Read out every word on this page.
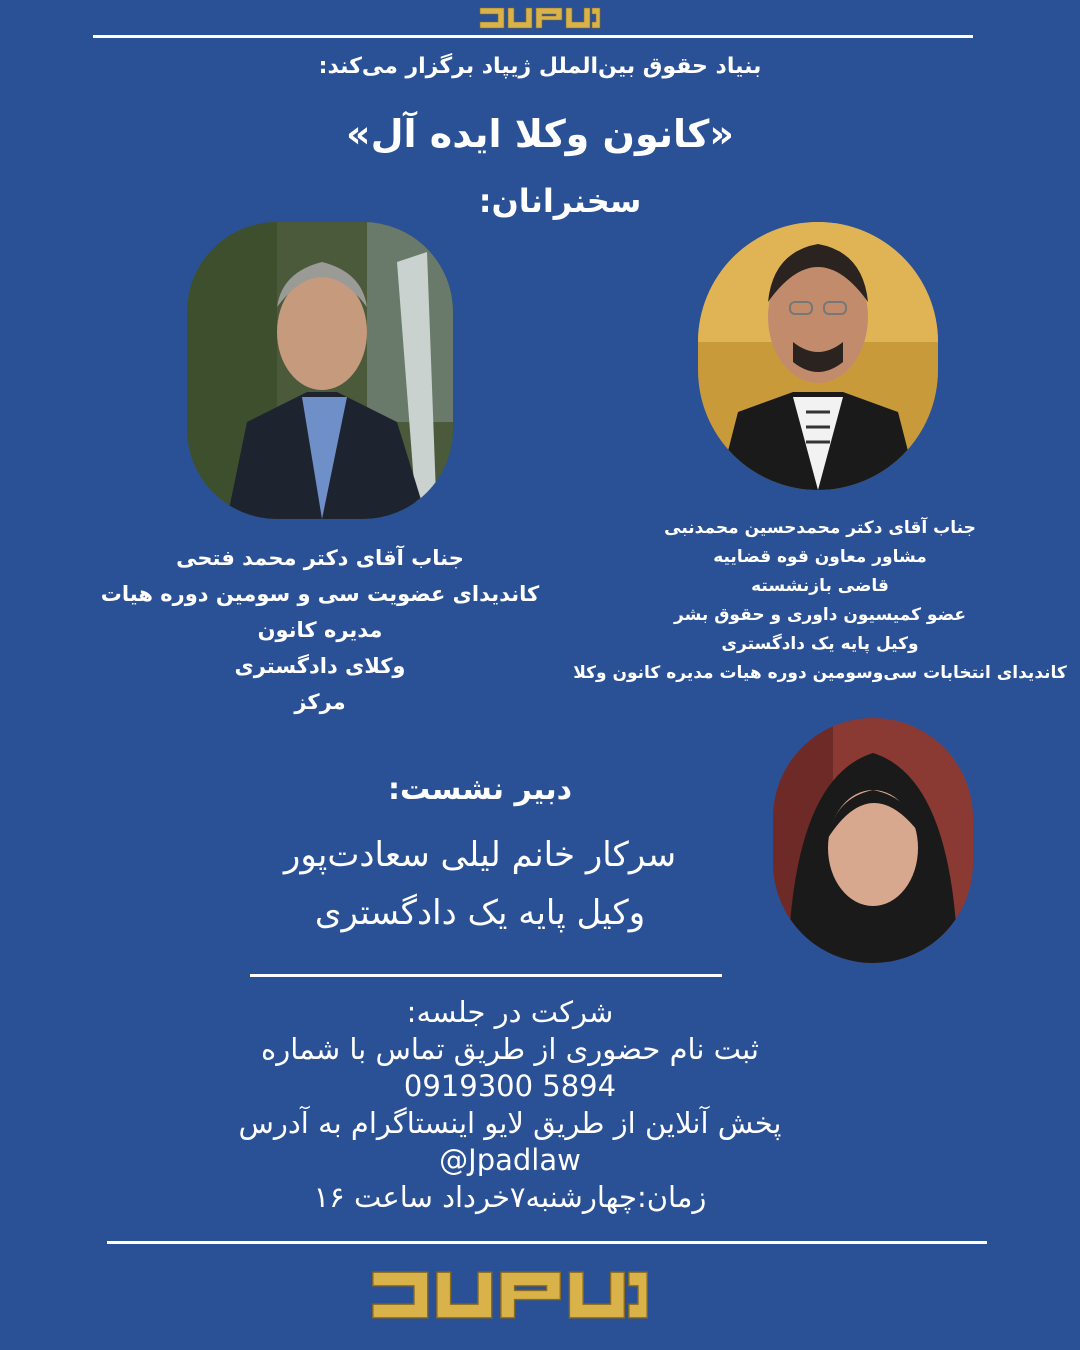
بنیاد حقوق بین‌الملل ژیپاد برگزار می‌کند:
«کانون وکلا ایده آل»
سخنرانان:
جناب آقای دکتر محمدحسین محمدنبی
مشاور معاون قوه قضاییه
قاضی بازنشسته
عضو کمیسیون داوری و حقوق بشر
وکیل پایه یک دادگستری
کاندیدای انتخابات سی‌وسومین دوره هیات مدیره کانون وکلا
جناب آقای دکتر محمد فتحی
کاندیدای عضویت سی و سومین دوره هیات
مدیره کانون
وکلای دادگستری
مرکز
دبیر نشست:
سرکار خانم لیلی سعادت‌پور
وکیل پایه یک دادگستری
شرکت در جلسه:
ثبت نام حضوری از طریق تماس با شماره
0919300 5894
پخش آنلاین از طریق لایو اینستاگرام به آدرس
@Jpadlaw
زمان:چهارشنبه۷خرداد ساعت ۱۶
